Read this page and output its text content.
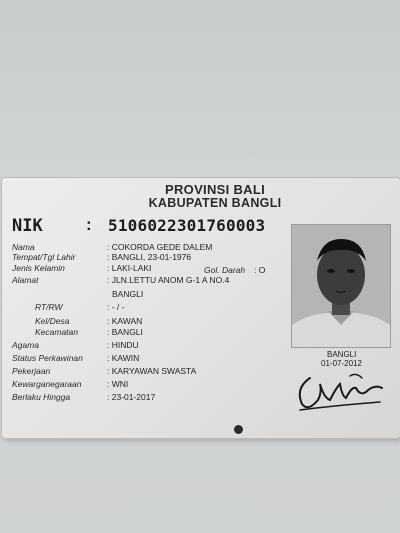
PROVINSI BALI
KABUPATEN BANGLI
NIK	: 5106022301760003
Nama
Tempat/Tgl Lahir
Jenis Kelamin
Alamat
RT/RW
Kel/Desa
Kecamatan
Agama
Status Perkawinan
Pekerjaan
Kewarganegaraan
Berlaku Hingga
: COKORDA GEDE DALEM
: BANGLI, 23-01-1976
: LAKI-LAKI
: JLN.LETTU ANOM G-1 A NO.4
BANGLI
: - / -
: KAWAN
: BANGLI
: HINDU
: KAWIN
: KARYAWAN SWASTA
: WNI
: 23-01-2017
Gol. Darah : O
BANGLI
01-07-2012
